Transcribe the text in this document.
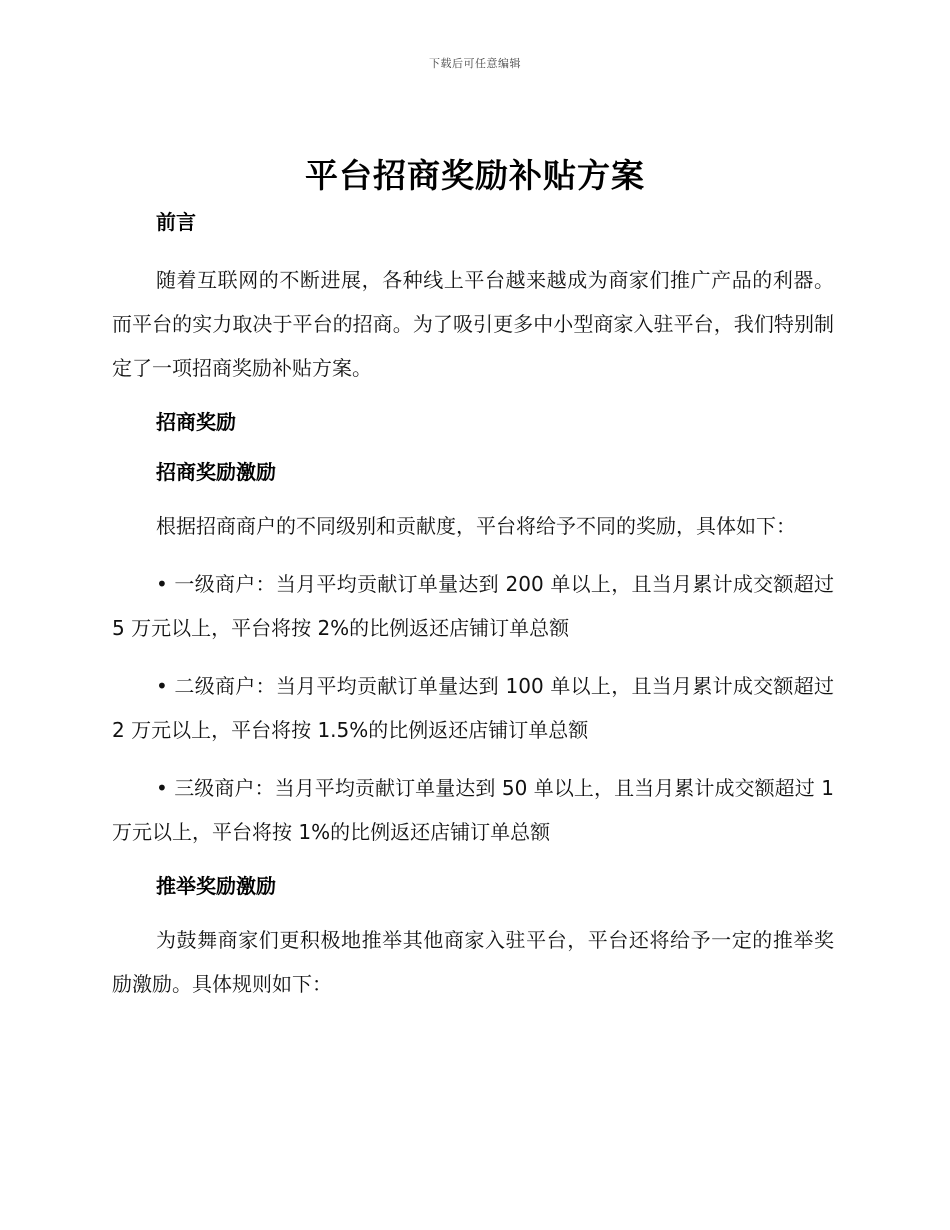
下载后可任意编辑
平台招商奖励补贴方案

前言

随着互联网的不断进展，各种线上平台越来越成为商家们推广产品的利器。而平台的实力取决于平台的招商。为了吸引更多中小型商家入驻平台，我们特别制定了一项招商奖励补贴方案。

招商奖励

招商奖励激励

根据招商商户的不同级别和贡献度，平台将给予不同的奖励，具体如下：

• 一级商户：当月平均贡献订单量达到 200 单以上，且当月累计成交额超过 5 万元以上，平台将按 2%的比例返还店铺订单总额

• 二级商户：当月平均贡献订单量达到 100 单以上，且当月累计成交额超过 2 万元以上，平台将按 1.5%的比例返还店铺订单总额

• 三级商户：当月平均贡献订单量达到 50 单以上，且当月累计成交额超过 1 万元以上，平台将按 1%的比例返还店铺订单总额

推举奖励激励

为鼓舞商家们更积极地推举其他商家入驻平台，平台还将给予一定的推举奖励激励。具体规则如下：
